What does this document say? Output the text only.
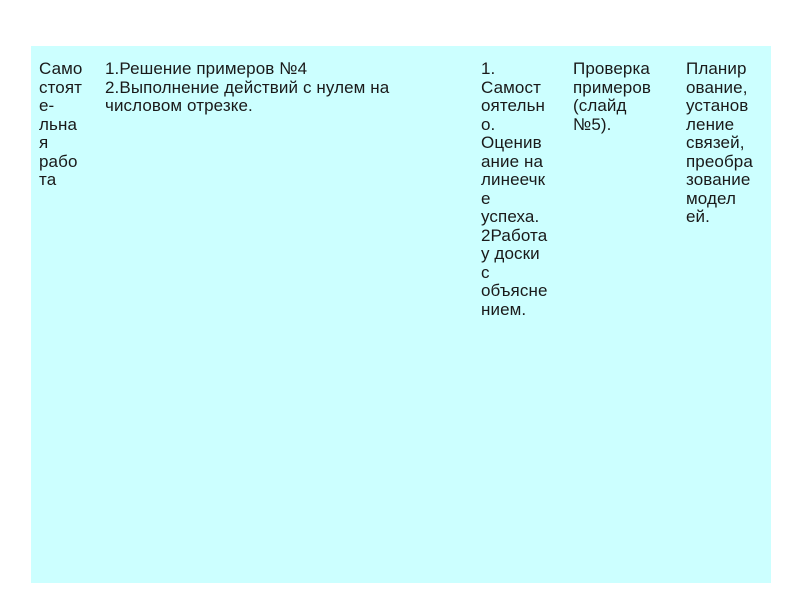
Само
стоят
е-
льна
я
рабо
та
1.Решение примеров №4
2.Выполнение действий с нулем на
числовом отрезке.
1.
Самост
оятельн
о.
Оценив
ание на
линеечк
е
успеха.
2Работа
у доски
с
объясне
нием.
Проверка
примеров
(слайд
№5).
Планир
ование,
установ
ление
связей,
преобра
зование
модел
ей.
